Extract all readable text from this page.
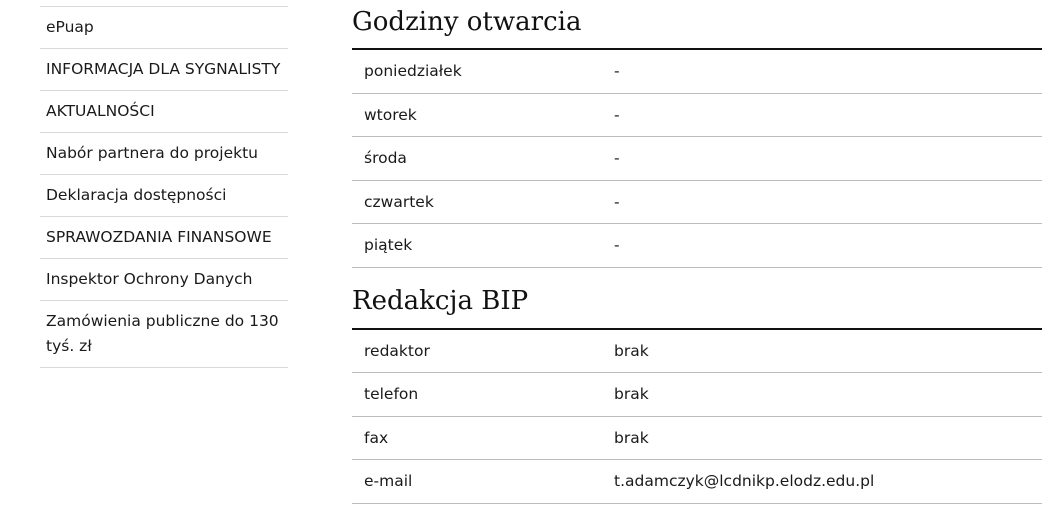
ePuap
INFORMACJA DLA SYGNALISTY
AKTUALNOŚCI
Nabór partnera do projektu
Deklaracja dostępności
SPRAWOZDANIA FINANSOWE
Inspektor Ochrony Danych
Zamówienia publiczne do 130 tyś. zł
Godziny otwarcia
poniedziałek	-
wtorek	-
środa	-
czwartek	-
piątek	-
Redakcja BIP
redaktor	brak
telefon	brak
fax	brak
e-mail	t.adamczyk@lcdnikp.elodz.edu.pl
